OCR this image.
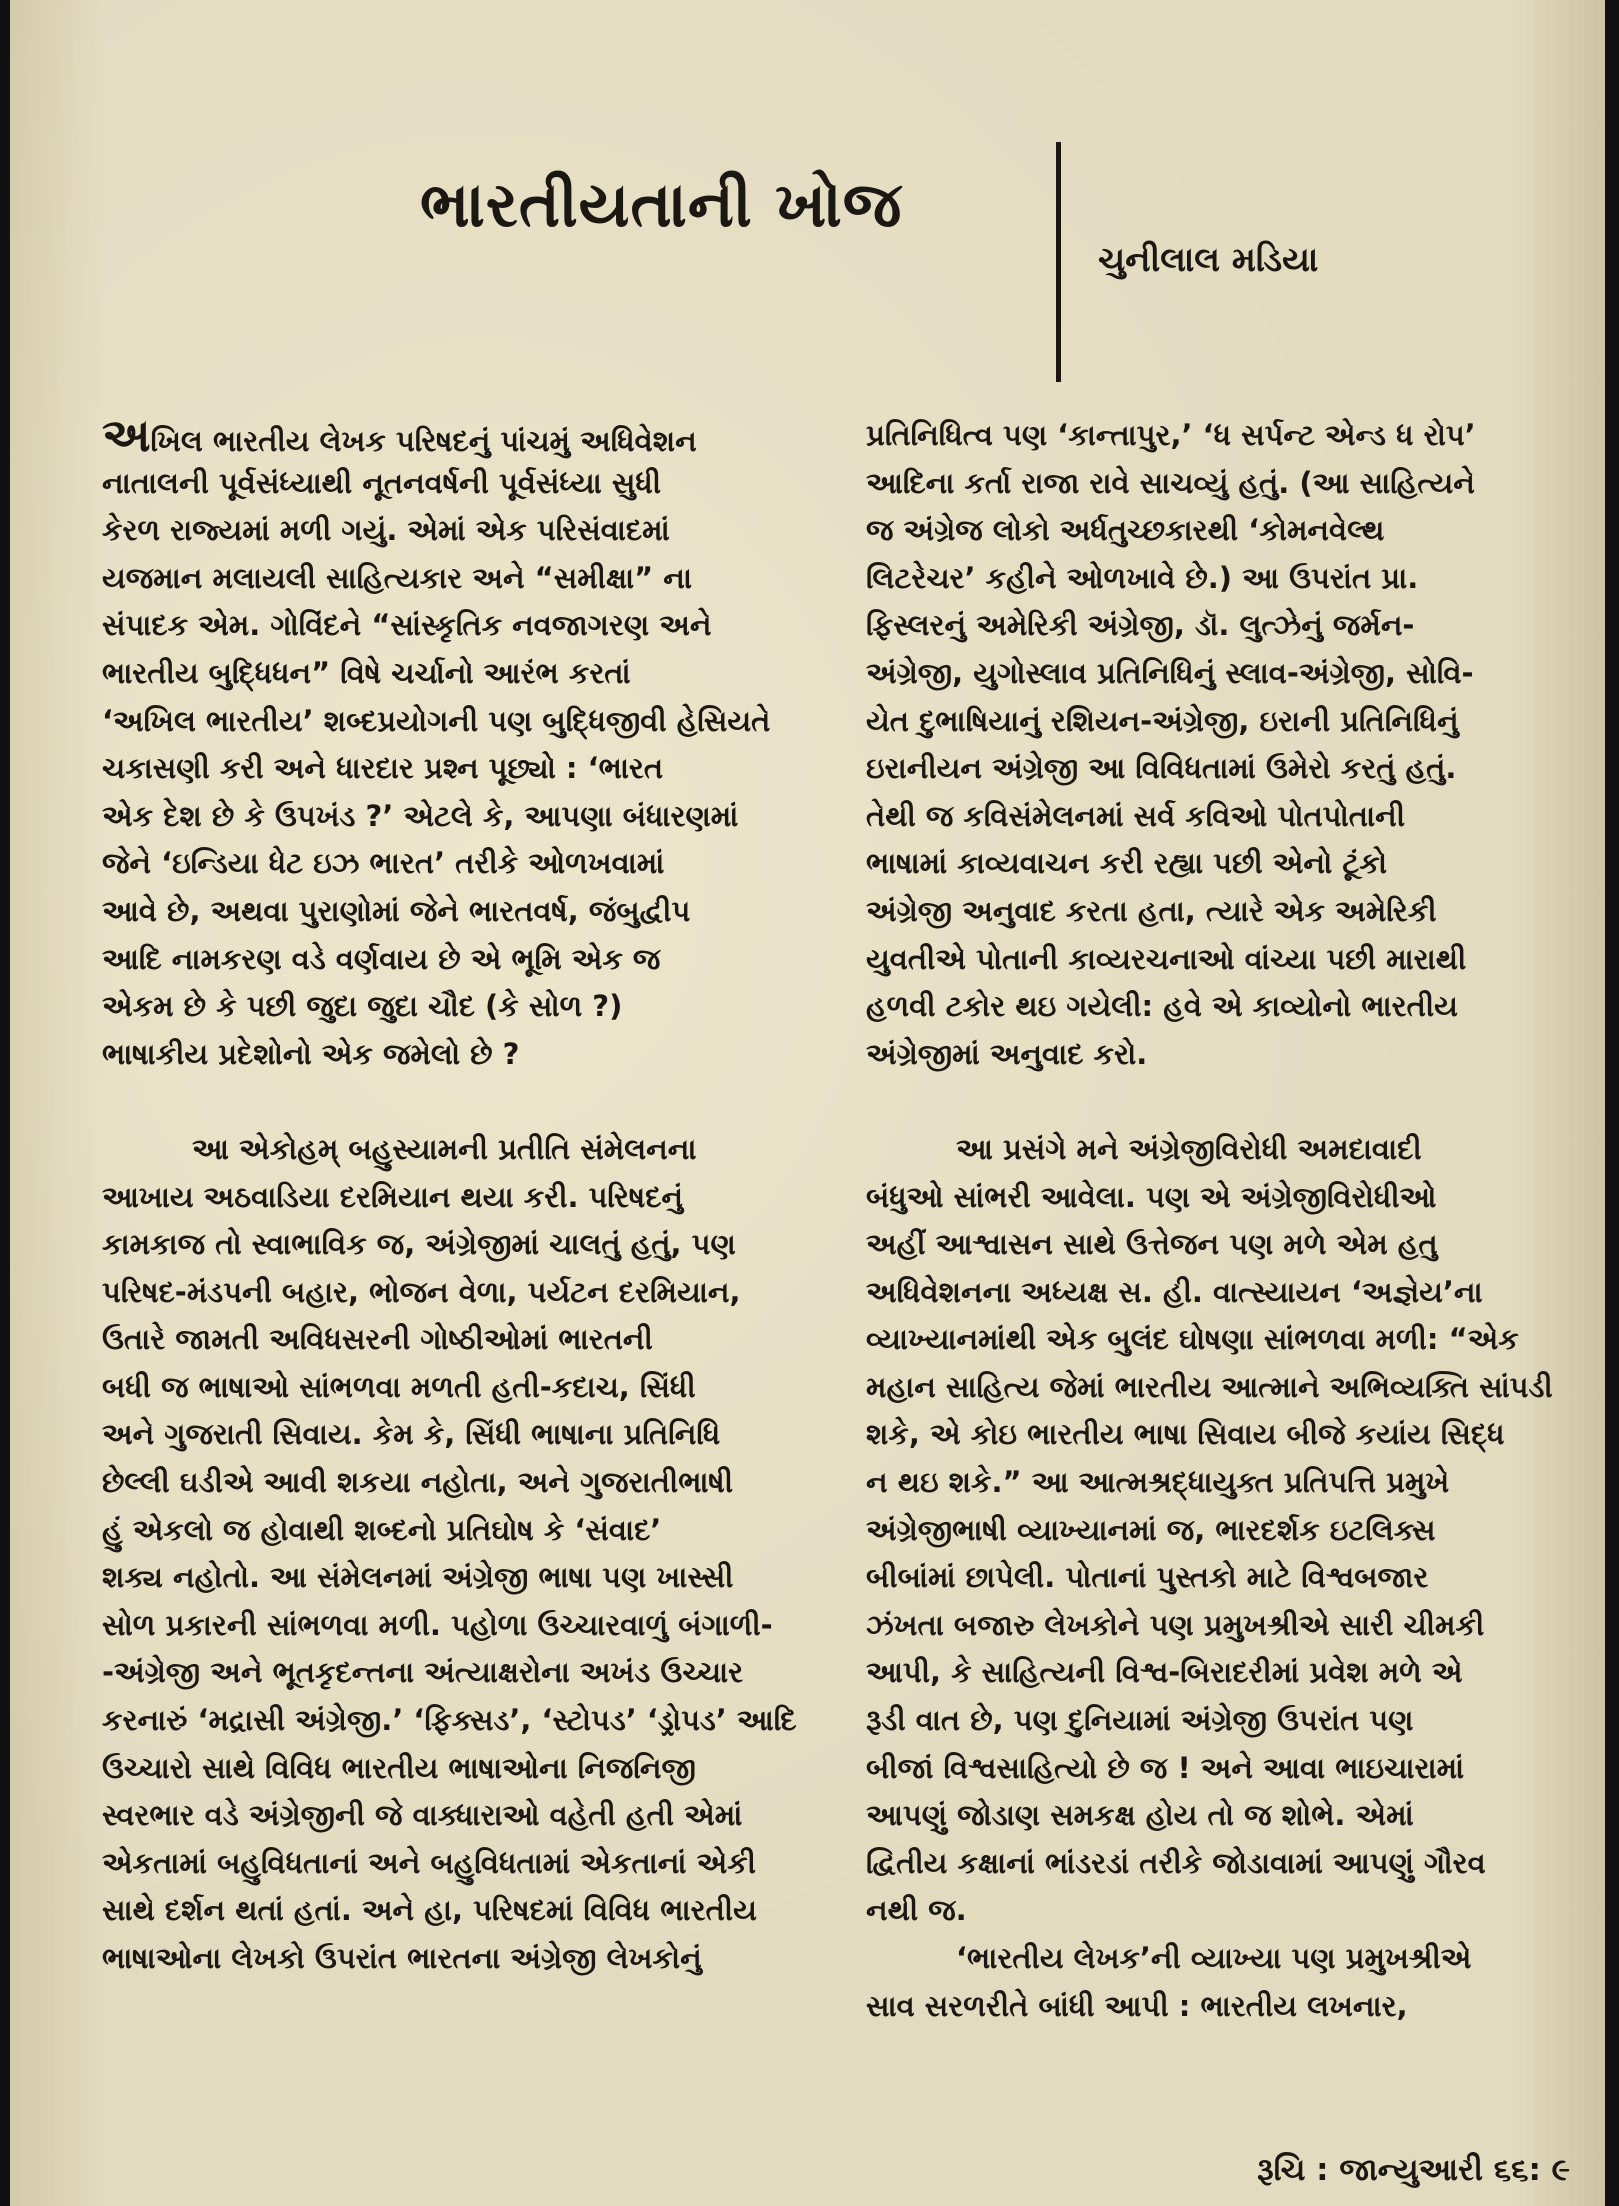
ભારતીયતાની ખોજ
ચુનીલાલ મડિયા
અખિલ ભારતીય લેખક પરિષદનું પાંચમું અધિવેશન
નાતાલની પૂર્વસંધ્યાથી નૂતનવર્ષની પૂર્વસંધ્યા સુધી
કેરળ રાજ્યમાં મળી ગયું. એમાં એક પરિસંવાદમાં
યજમાન મલાયલી સાહિત્યકાર અને “સમીક્ષા” ના
સંપાદક એમ. ગોવિંદને “સાંસ્કૃતિક નવજાગરણ અને
ભારતીય બુદ્ધિધન” વિષે ચર્ચાનો આરંભ કરતાં
‘અખિલ ભારતીય’ શબ્દપ્રયોગની પણ બુદ્ધિજીવી હેસિયતે
ચકાસણી કરી અને ધારદાર પ્રશ્ન પૂછ્યો : ‘ભારત
એક દેશ છે કે ઉપખંડ ?’ એટલે કે, આપણા બંધારણમાં
જેને ‘ઇન્ડિયા ધેટ ઇઝ ભારત’ તરીકે ઓળખવામાં
આવે છે, અથવા પુરાણોમાં જેને ભારતવર્ષ, જંબુદ્વીપ
આદિ નામકરણ વડે વર્ણવાય છે એ ભૂમિ એક જ
એકમ છે કે પછી જુદા જુદા ચૌદ (કે સોળ ?)
ભાષાકીય પ્રદેશોનો એક જમેલો છે ?
આ એકોહમ્ બહુસ્યામની પ્રતીતિ સંમેલનના
આખાય અઠવાડિયા દરમિયાન થયા કરી. પરિષદનું
કામકાજ તો સ્વાભાવિક જ, અંગ્રેજીમાં ચાલતું હતું, પણ
પરિષદ-મંડપની બહાર, ભોજન વેળા, પર્યટન દરમિયાન,
ઉતારે જામતી અવિધસરની ગોષ્ઠીઓમાં ભારતની
બધી જ ભાષાઓ સાંભળવા મળતી હતી-કદાચ, સિંધી
અને ગુજરાતી સિવાય. કેમ કે, સિંધી ભાષાના પ્રતિનિધિ
છેલ્લી ઘડીએ આવી શકયા નહોતા, અને ગુજરાતીભાષી
હું એકલો જ હોવાથી શબ્દનો પ્રતિઘોષ કે ‘સંવાદ’
શક્ય નહોતો. આ સંમેલનમાં અંગ્રેજી ભાષા પણ ખાસ્સી
સોળ પ્રકારની સાંભળવા મળી. પહોળા ઉચ્ચારવાળું બંગાળી-
-અંગ્રેજી અને ભૂતકૃદન્તના અંત્યાક્ષરોના અખંડ ઉચ્ચાર
કરનારું ‘મદ્રાસી અંગ્રેજી.’ ‘ફિક્સડ’, ‘સ્ટોપડ’ ‘ડ્રોપડ’ આદિ
ઉચ્ચારો સાથે વિવિધ ભારતીય ભાષાઓના નિજનિજી
સ્વરભાર વડે અંગ્રેજીની જે વાક્ધારાઓ વહેતી હતી એમાં
એકતામાં બહુવિધતાનાં અને બહુવિધતામાં એકતાનાં એકી
સાથે દર્શન થતાં હતાં. અને હા, પરિષદમાં વિવિધ ભારતીય
ભાષાઓના લેખકો ઉપરાંત ભારતના અંગ્રેજી લેખકોનું
પ્રતિનિધિત્વ પણ ‘કાન્તાપુર,’ ‘ધ સર્પન્ટ એન્ડ ધ રોપ’
આદિના કર્તા રાજા રાવે સાચવ્યું હતું. (આ સાહિત્યને
જ અંગ્રેજ લોકો અર્ધતુચ્છકારથી ‘કોમનવેલ્થ
લિટરેચર’ કહીને ઓળખાવે છે.) આ ઉપરાંત પ્રા.
ફિસ્લરનું અમેરિકી અંગ્રેજી, ડૉ. લુત્ઝેનું જર્મન-
અંગ્રેજી, યુગોસ્લાવ પ્રતિનિધિનું સ્લાવ-અંગ્રેજી, સોવિ-
યેત દુભાષિયાનું રશિયન-અંગ્રેજી, ઇરાની પ્રતિનિધિનું
ઇરાનીયન અંગ્રેજી આ વિવિધતામાં ઉમેરો કરતું હતું.
તેથી જ કવિસંમેલનમાં સર્વ કવિઓ પોતપોતાની
ભાષામાં કાવ્યવાચન કરી રહ્યા પછી એનો ટૂંકો
અંગ્રેજી અનુવાદ કરતા હતા, ત્યારે એક અમેરિકી
યુવતીએ પોતાની કાવ્યરચનાઓ વાંચ્યા પછી મારાથી
હળવી ટકોર થઇ ગયેલી: હવે એ કાવ્યોનો ભારતીય
અંગ્રેજીમાં અનુવાદ કરો.
આ પ્રસંગે મને અંગ્રેજીવિરોધી અમદાવાદી
બંધુઓ સાંભરી આવેલા. પણ એ અંગ્રેજીવિરોધીઓ
અહીં આશ્વાસન સાથે ઉત્તેજન પણ મળે એમ હતુ
અધિવેશનના અધ્યક્ષ સ. હી. વાત્સ્યાયન ‘અજ્ઞેય’ના
વ્યાખ્યાનમાંથી એક બુલંદ ઘોષણા સાંભળવા મળી: “એક
મહાન સાહિત્ય જેમાં ભારતીય આત્માને અભિવ્યક્તિ સાંપડી
શકે, એ કોઇ ભારતીય ભાષા સિવાય બીજે કયાંય સિદ્ધ
ન થઇ શકે.” આ આત્મશ્રદ્ધાયુક્ત પ્રતિપત્તિ પ્રમુખે
અંગ્રેજીભાષી વ્યાખ્યાનમાં જ, ભારદર્શક ઇટલિક્સ
બીબાંમાં છાપેલી. પોતાનાં પુસ્તકો માટે વિશ્વબજાર
ઝંખતા બજારુ લેખકોને પણ પ્રમુખશ્રીએ સારી ચીમકી
આપી, કે સાહિત્યની વિશ્વ-બિરાદરીમાં પ્રવેશ મળે એ
રૂડી વાત છે, પણ દુનિયામાં અંગ્રેજી ઉપરાંત પણ
બીજાં વિશ્વસાહિત્યો છે જ ! અને આવા ભાઇચારામાં
આપણું જોડાણ સમકક્ષ હોય તો જ શોભે. એમાં
દ્વિતીય કક્ષાનાં ભાંડરડાં તરીકે જોડાવામાં આપણું ગૌરવ
નથી જ.
‘ભારતીય લેખક’ની વ્યાખ્યા પણ પ્રમુખશ્રીએ
સાવ સરળરીતે બાંધી આપી : ભારતીય લખનાર,
રૂચિ : જાન્યુઆરી ૬૬: ૯
